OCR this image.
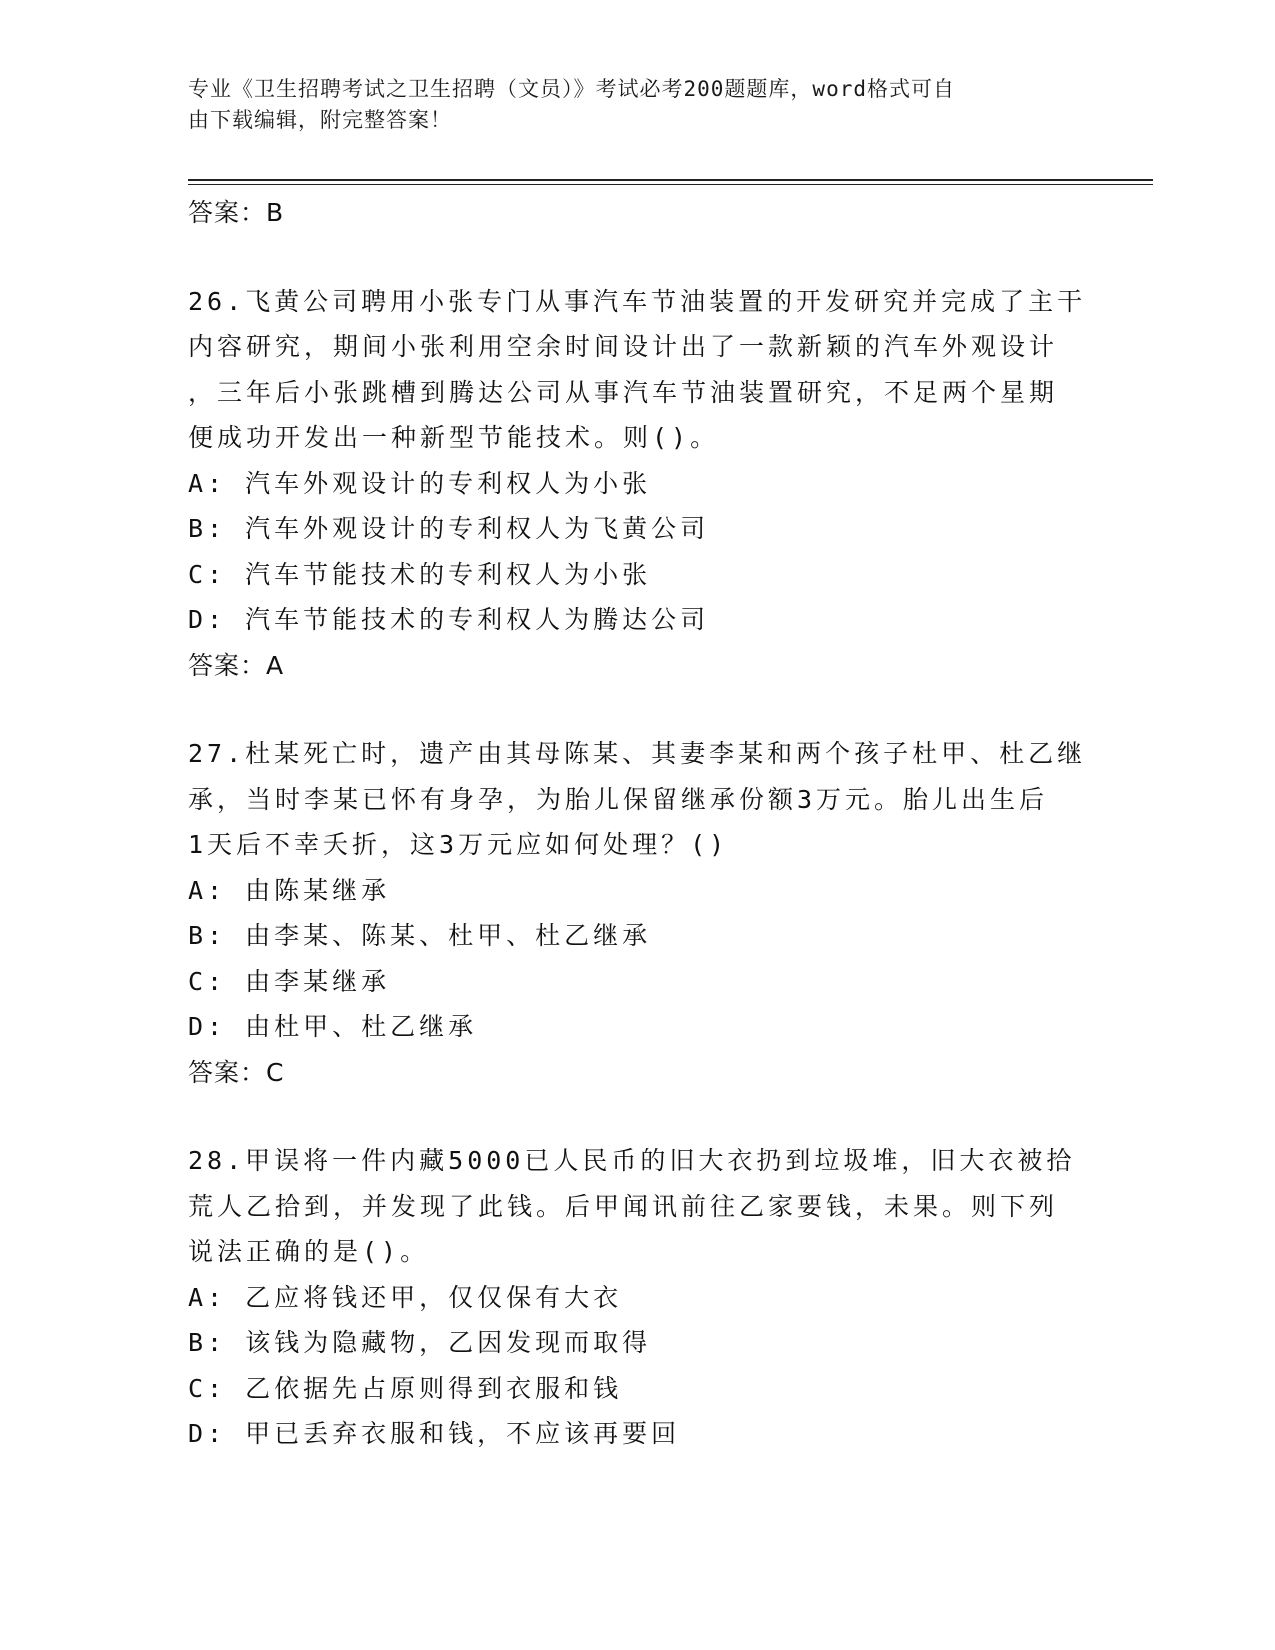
专业《卫生招聘考试之卫生招聘（文员）》考试必考200题题库，word格式可自
由下载编辑，附完整答案！
答案：B
26.飞黄公司聘用小张专门从事汽车节油装置的开发研究并完成了主干
内容研究，期间小张利用空余时间设计出了一款新颖的汽车外观设计
，三年后小张跳槽到腾达公司从事汽车节油装置研究，不足两个星期
便成功开发出一种新型节能技术。则()。
A: 汽车外观设计的专利权人为小张
B: 汽车外观设计的专利权人为飞黄公司
C: 汽车节能技术的专利权人为小张
D: 汽车节能技术的专利权人为腾达公司
答案：A
27.杜某死亡时，遗产由其母陈某、其妻李某和两个孩子杜甲、杜乙继
承，当时李某已怀有身孕，为胎儿保留继承份额3万元。胎儿出生后
1天后不幸夭折，这3万元应如何处理？()
A: 由陈某继承
B: 由李某、陈某、杜甲、杜乙继承
C: 由李某继承
D: 由杜甲、杜乙继承
答案：C
28.甲误将一件内藏5000已人民币的旧大衣扔到垃圾堆，旧大衣被拾
荒人乙拾到，并发现了此钱。后甲闻讯前往乙家要钱，未果。则下列
说法正确的是()。
A: 乙应将钱还甲，仅仅保有大衣
B: 该钱为隐藏物，乙因发现而取得
C: 乙依据先占原则得到衣服和钱
D: 甲已丢弃衣服和钱，不应该再要回
